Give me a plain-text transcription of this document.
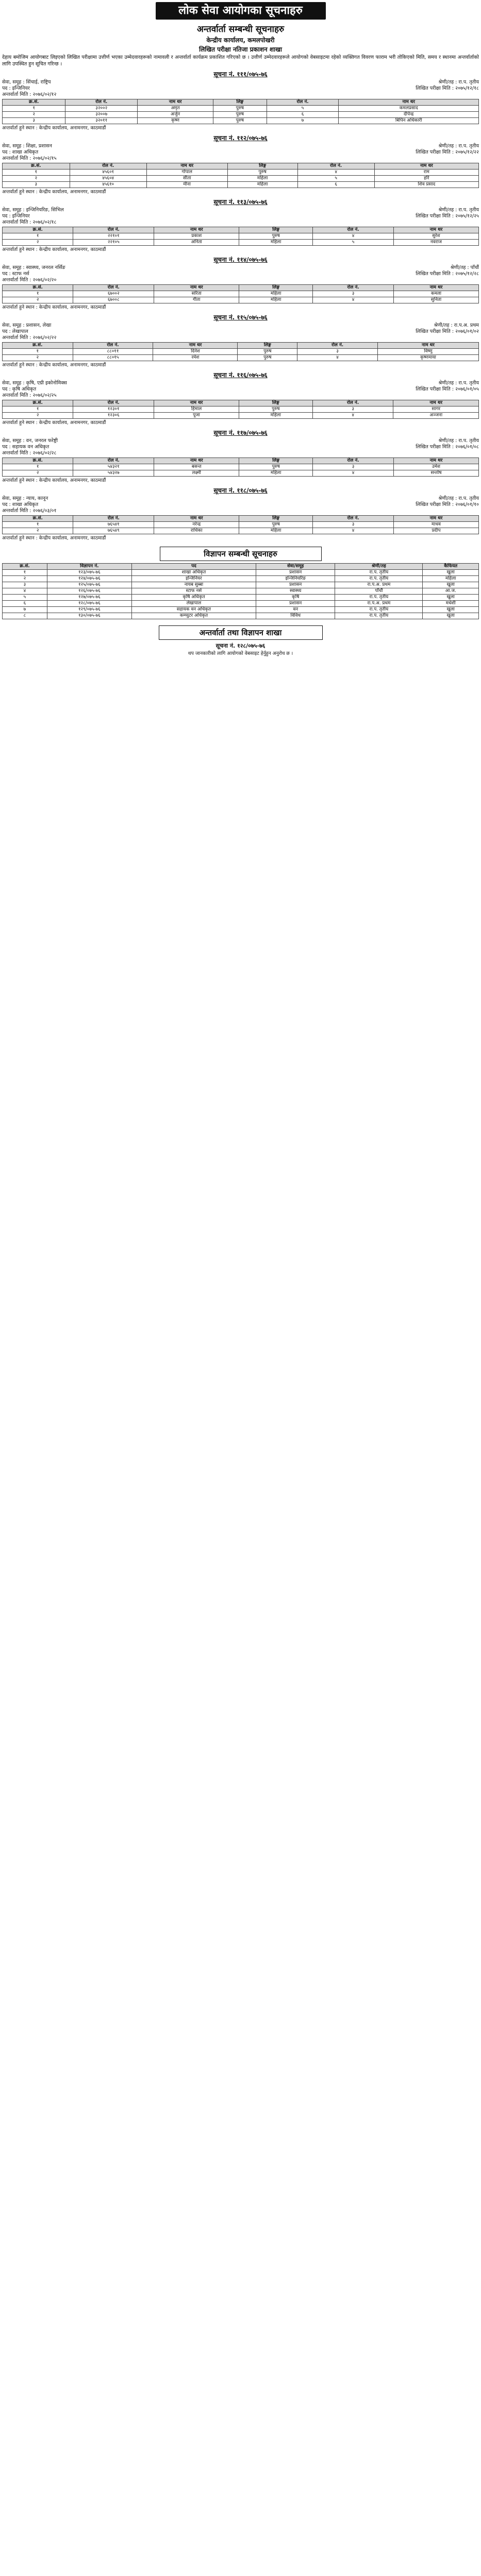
लोक सेवा आयोगका सूचनाहरु
अन्तर्वार्ता सम्बन्धी सूचनाहरु
केन्द्रीय कार्यालय, कमलपोखरी
लिखित परीक्षा नतिजा प्रकाशन शाखा
देहाय बमोजिम आयोगबाट लिइएको लिखित परीक्षामा उत्तीर्ण भएका उम्मेदवारहरूको नामावली र अन्तर्वार्ता कार्यक्रम प्रकाशित गरिएको छ । उत्तीर्ण उम्मेदवारहरूले आयोगको वेबसाइटमा रहेको व्यक्तिगत विवरण फाराम भरी तोकिएको मिति, समय र स्थानमा अन्तर्वार्ताको लागि उपस्थित हुन सूचित गरिन्छ ।
सूचना नं. १११/०७५-७६
सेवा, समूह : सिंचाई, राष्ट्रिय	श्रेणी/तह : रा.प. तृतीय
पद : इन्जिनियर	लिखित परीक्षा मिति : २०७५/१२/१८
अन्तर्वार्ता मिति : २०७६/०२/१२
क्र.सं.	रोल नं.	नाम थर	लिङ्ग	रोल नं.	नाम थर
१	३२००२	अमृत	पुरुष	५	कमलप्रसाद
२	३२००७	अर्जुन	पुरुष	६	दीपेन्द्र
३	३२०११	कृष्ण	पुरुष	७	बिपिन अधिकारी
अन्तर्वार्ता हुने स्थान : केन्द्रीय कार्यालय, अनामनगर, काठमाडौं
सूचना नं. ११२/०७५-७६
सेवा, समूह : शिक्षा, प्रशासन	श्रेणी/तह : रा.प. तृतीय
पद : शाखा अधिकृत	लिखित परीक्षा मिति : २०७५/१२/२२
अन्तर्वार्ता मिति : २०७६/०२/१५
क्र.सं.	रोल नं.	नाम थर	लिङ्ग	रोल नं.	नाम थर
१	४५६०१	गोपाल	पुरुष	४	राम
२	४५६०४	सीता	महिला	५	हरि
३	४५६१०	मीना	महिला	६	शिव प्रसाद
अन्तर्वार्ता हुने स्थान : केन्द्रीय कार्यालय, अनामनगर, काठमाडौं
सूचना नं. ११३/०७५-७६
सेवा, समूह : इन्जिनियरिङ, सिभिल	श्रेणी/तह : रा.प. तृतीय
पद : इन्जिनियर	लिखित परीक्षा मिति : २०७५/१२/२५
अन्तर्वार्ता मिति : २०७६/०२/१८
क्र.सं.	रोल नं.	नाम थर	लिङ्ग	रोल नं.	नाम थर
१	२२१०१	प्रकाश	पुरुष	४	सुरेश
२	२२१०५	अनिता	महिला	५	नवराज
अन्तर्वार्ता हुने स्थान : केन्द्रीय कार्यालय, अनामनगर, काठमाडौं
सूचना नं. ११४/०७५-७६
सेवा, समूह : स्वास्थ्य, जनरल नर्सिङ	श्रेणी/तह : पाँचौं
पद : स्टाफ नर्स	लिखित परीक्षा मिति : २०७५/१२/२८
अन्तर्वार्ता मिति : २०७६/०२/२०
क्र.सं.	रोल नं.	नाम थर	लिङ्ग	रोल नं.	नाम थर
१	६७००२	सरिता	महिला	३	कमला
२	६७००८	गीता	महिला	४	सुनिता
अन्तर्वार्ता हुने स्थान : केन्द्रीय कार्यालय, अनामनगर, काठमाडौं
सूचना नं. ११५/०७५-७६
सेवा, समूह : प्रशासन, लेखा	श्रेणी/तह : रा.प.अ. प्रथम
पद : लेखापाल	लिखित परीक्षा मिति : २०७६/०१/०२
अन्तर्वार्ता मिति : २०७६/०२/२२
क्र.सं.	रोल नं.	नाम थर	लिङ्ग	रोल नं.	नाम थर
१	८८०११	दिनेश	पुरुष	३	विष्णु
२	८८०१५	रमेश	पुरुष	४	कृष्णमाया
अन्तर्वार्ता हुने स्थान : केन्द्रीय कार्यालय, अनामनगर, काठमाडौं
सूचना नं. ११६/०७५-७६
सेवा, समूह : कृषि, एग्री इकोनोमिक्स	श्रेणी/तह : रा.प. तृतीय
पद : कृषि अधिकृत	लिखित परीक्षा मिति : २०७६/०१/०५
अन्तर्वार्ता मिति : २०७६/०२/२५
क्र.सं.	रोल नं.	नाम थर	लिङ्ग	रोल नं.	नाम थर
१	१२३०१	हिमाल	पुरुष	३	सागर
२	१२३०६	पूजा	महिला	४	अञ्जना
अन्तर्वार्ता हुने स्थान : केन्द्रीय कार्यालय, अनामनगर, काठमाडौं
सूचना नं. ११७/०७५-७६
सेवा, समूह : वन, जनरल फरेष्ट्री	श्रेणी/तह : रा.प. तृतीय
पद : सहायक वन अधिकृत	लिखित परीक्षा मिति : २०७६/०१/०८
अन्तर्वार्ता मिति : २०७६/०२/२८
क्र.सं.	रोल नं.	नाम थर	लिङ्ग	रोल नं.	नाम थर
१	५४३२१	बसन्त	पुरुष	३	उमेश
२	५४३२७	लक्ष्मी	महिला	४	सन्तोष
अन्तर्वार्ता हुने स्थान : केन्द्रीय कार्यालय, अनामनगर, काठमाडौं
सूचना नं. ११८/०७५-७६
सेवा, समूह : न्याय, कानून	श्रेणी/तह : रा.प. तृतीय
पद : शाखा अधिकृत	लिखित परीक्षा मिति : २०७६/०१/१०
अन्तर्वार्ता मिति : २०७६/०३/०१
क्र.सं.	रोल नं.	नाम थर	लिङ्ग	रोल नं.	नाम थर
१	७६५४१	नरेन्द्र	पुरुष	३	माधव
२	७६५४९	राधिका	महिला	४	प्रदीप
अन्तर्वार्ता हुने स्थान : केन्द्रीय कार्यालय, अनामनगर, काठमाडौं
विज्ञापन सम्बन्धी सूचनाहरु
क्र.सं.	विज्ञापन नं.	पद	सेवा/समूह	श्रेणी/तह	कैफियत
१	१२३/०७५-७६	शाखा अधिकृत	प्रशासन	रा.प. तृतीय	खुला
२	१२४/०७५-७६	इन्जिनियर	इन्जिनियरिङ	रा.प. तृतीय	महिला
३	१२५/०७५-७६	नायब सुब्बा	प्रशासन	रा.प.अ. प्रथम	खुला
४	१२६/०७५-७६	स्टाफ नर्स	स्वास्थ्य	पाँचौं	आ.ज.
५	१२७/०७५-७६	कृषि अधिकृत	कृषि	रा.प. तृतीय	खुला
६	१२८/०७५-७६	लेखापाल	प्रशासन	रा.प.अ. प्रथम	मधेशी
७	१२९/०७५-७६	सहायक वन अधिकृत	वन	रा.प. तृतीय	खुला
८	१३०/०७५-७६	कम्प्युटर अधिकृत	विविध	रा.प. तृतीय	खुला
अन्तर्वार्ता तथा विज्ञापन शाखा
सूचना नं. १२८/०७५-७६
थप जानकारीको लागि आयोगको वेबसाइट हेर्नुहुन अनुरोध छ ।
